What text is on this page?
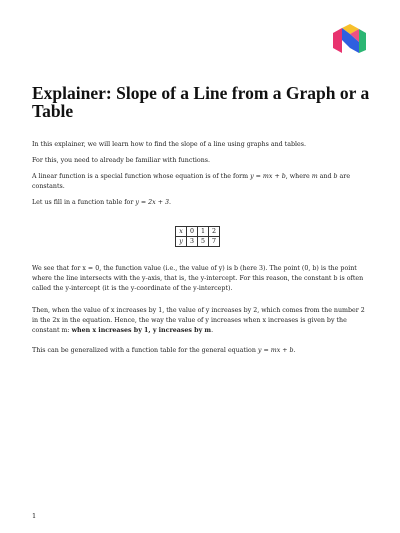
Explainer: Slope of a Line from a Graph or a Table

In this explainer, we will learn how to find the slope of a line using graphs and tables.

For this, you need to already be familiar with functions.

A linear function is a special function whose equation is of the form y = mx + b, where m and b are constants.

Let us fill in a function table for y = 2x + 3.

x	0	1	2
y	3	5	7

We see that for x = 0, the function value (i.e., the value of y) is b (here 3). The point (0, b) is the point where the line intersects with the y-axis, that is, the y-intercept. For this reason, the constant b is often called the y-intercept (it is the y-coordinate of the y-intercept).

Then, when the value of x increases by 1, the value of y increases by 2, which comes from the number 2 in the 2x in the equation. Hence, the way the value of y increases when x increases is given by the constant m: when x increases by 1, y increases by m.

This can be generalized with a function table for the general equation y = mx + b.

1
